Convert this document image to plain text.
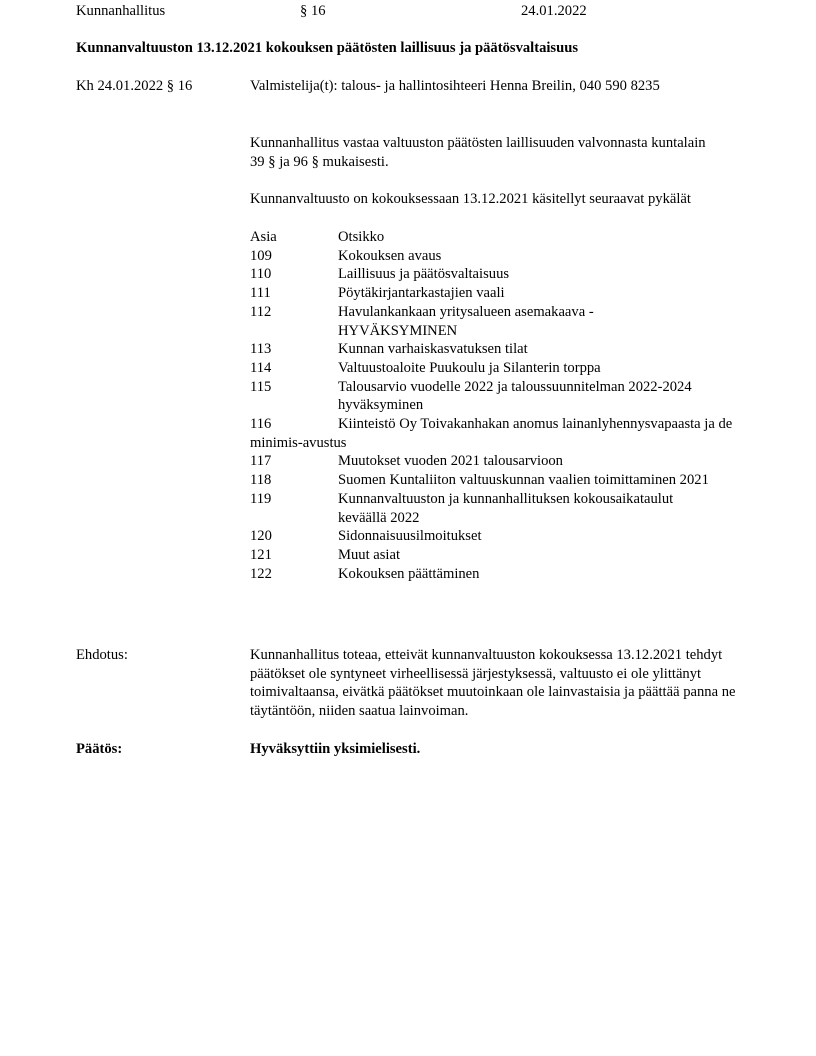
Kunnanhallitus	§ 16	24.01.2022
Kunnanvaltuuston 13.12.2021 kokouksen päätösten laillisuus ja päätösvaltaisuus
Kh 24.01.2022 § 16	Valmistelija(t): talous- ja hallintosihteeri Henna Breilin, 040 590 8235
Kunnanhallitus vastaa valtuuston päätösten laillisuuden valvonnasta kuntalain 39 § ja 96 § mukaisesti.
Kunnanvaltuusto on kokouksessaan 13.12.2021 käsitellyt seuraavat pykälät
Asia	Otsikko
109	Kokouksen avaus
110	Laillisuus ja päätösvaltaisuus
111	Pöytäkirjantarkastajien vaali
112	Havulankankaan yritysalueen asemakaava - HYVÄKSYMINEN
113	Kunnan varhaiskasvatuksen tilat
114	Valtuustoaloite Puukoulu ja Silanterin torppa
115	Talousarvio vuodelle 2022 ja taloussuunnitelman 2022-2024 hyväksyminen
116	Kiinteistö Oy Toivakanhakan anomus lainanlyhennysvapaasta ja de minimis-avustus
117	Muutokset vuoden 2021 talousarvioon
118	Suomen Kuntaliiton valtuuskunnan vaalien toimittaminen 2021
119	Kunnanvaltuuston ja kunnanhallituksen kokousaikataulut keväällä 2022
120	Sidonnaisuusilmoitukset
121	Muut asiat
122	Kokouksen päättäminen
Ehdotus:	Kunnanhallitus toteaa, etteivät kunnanvaltuuston kokouksessa 13.12.2021 tehdyt päätökset ole syntyneet virheellisessä järjestyksessä, valtuusto ei ole ylittänyt toimivaltaansa, eivätkä päätökset muutoinkaan ole lainvastaisia ja päättää panna ne täytäntöön, niiden saatua lainvoiman.
Päätös:	Hyväksyttiin yksimielisesti.
